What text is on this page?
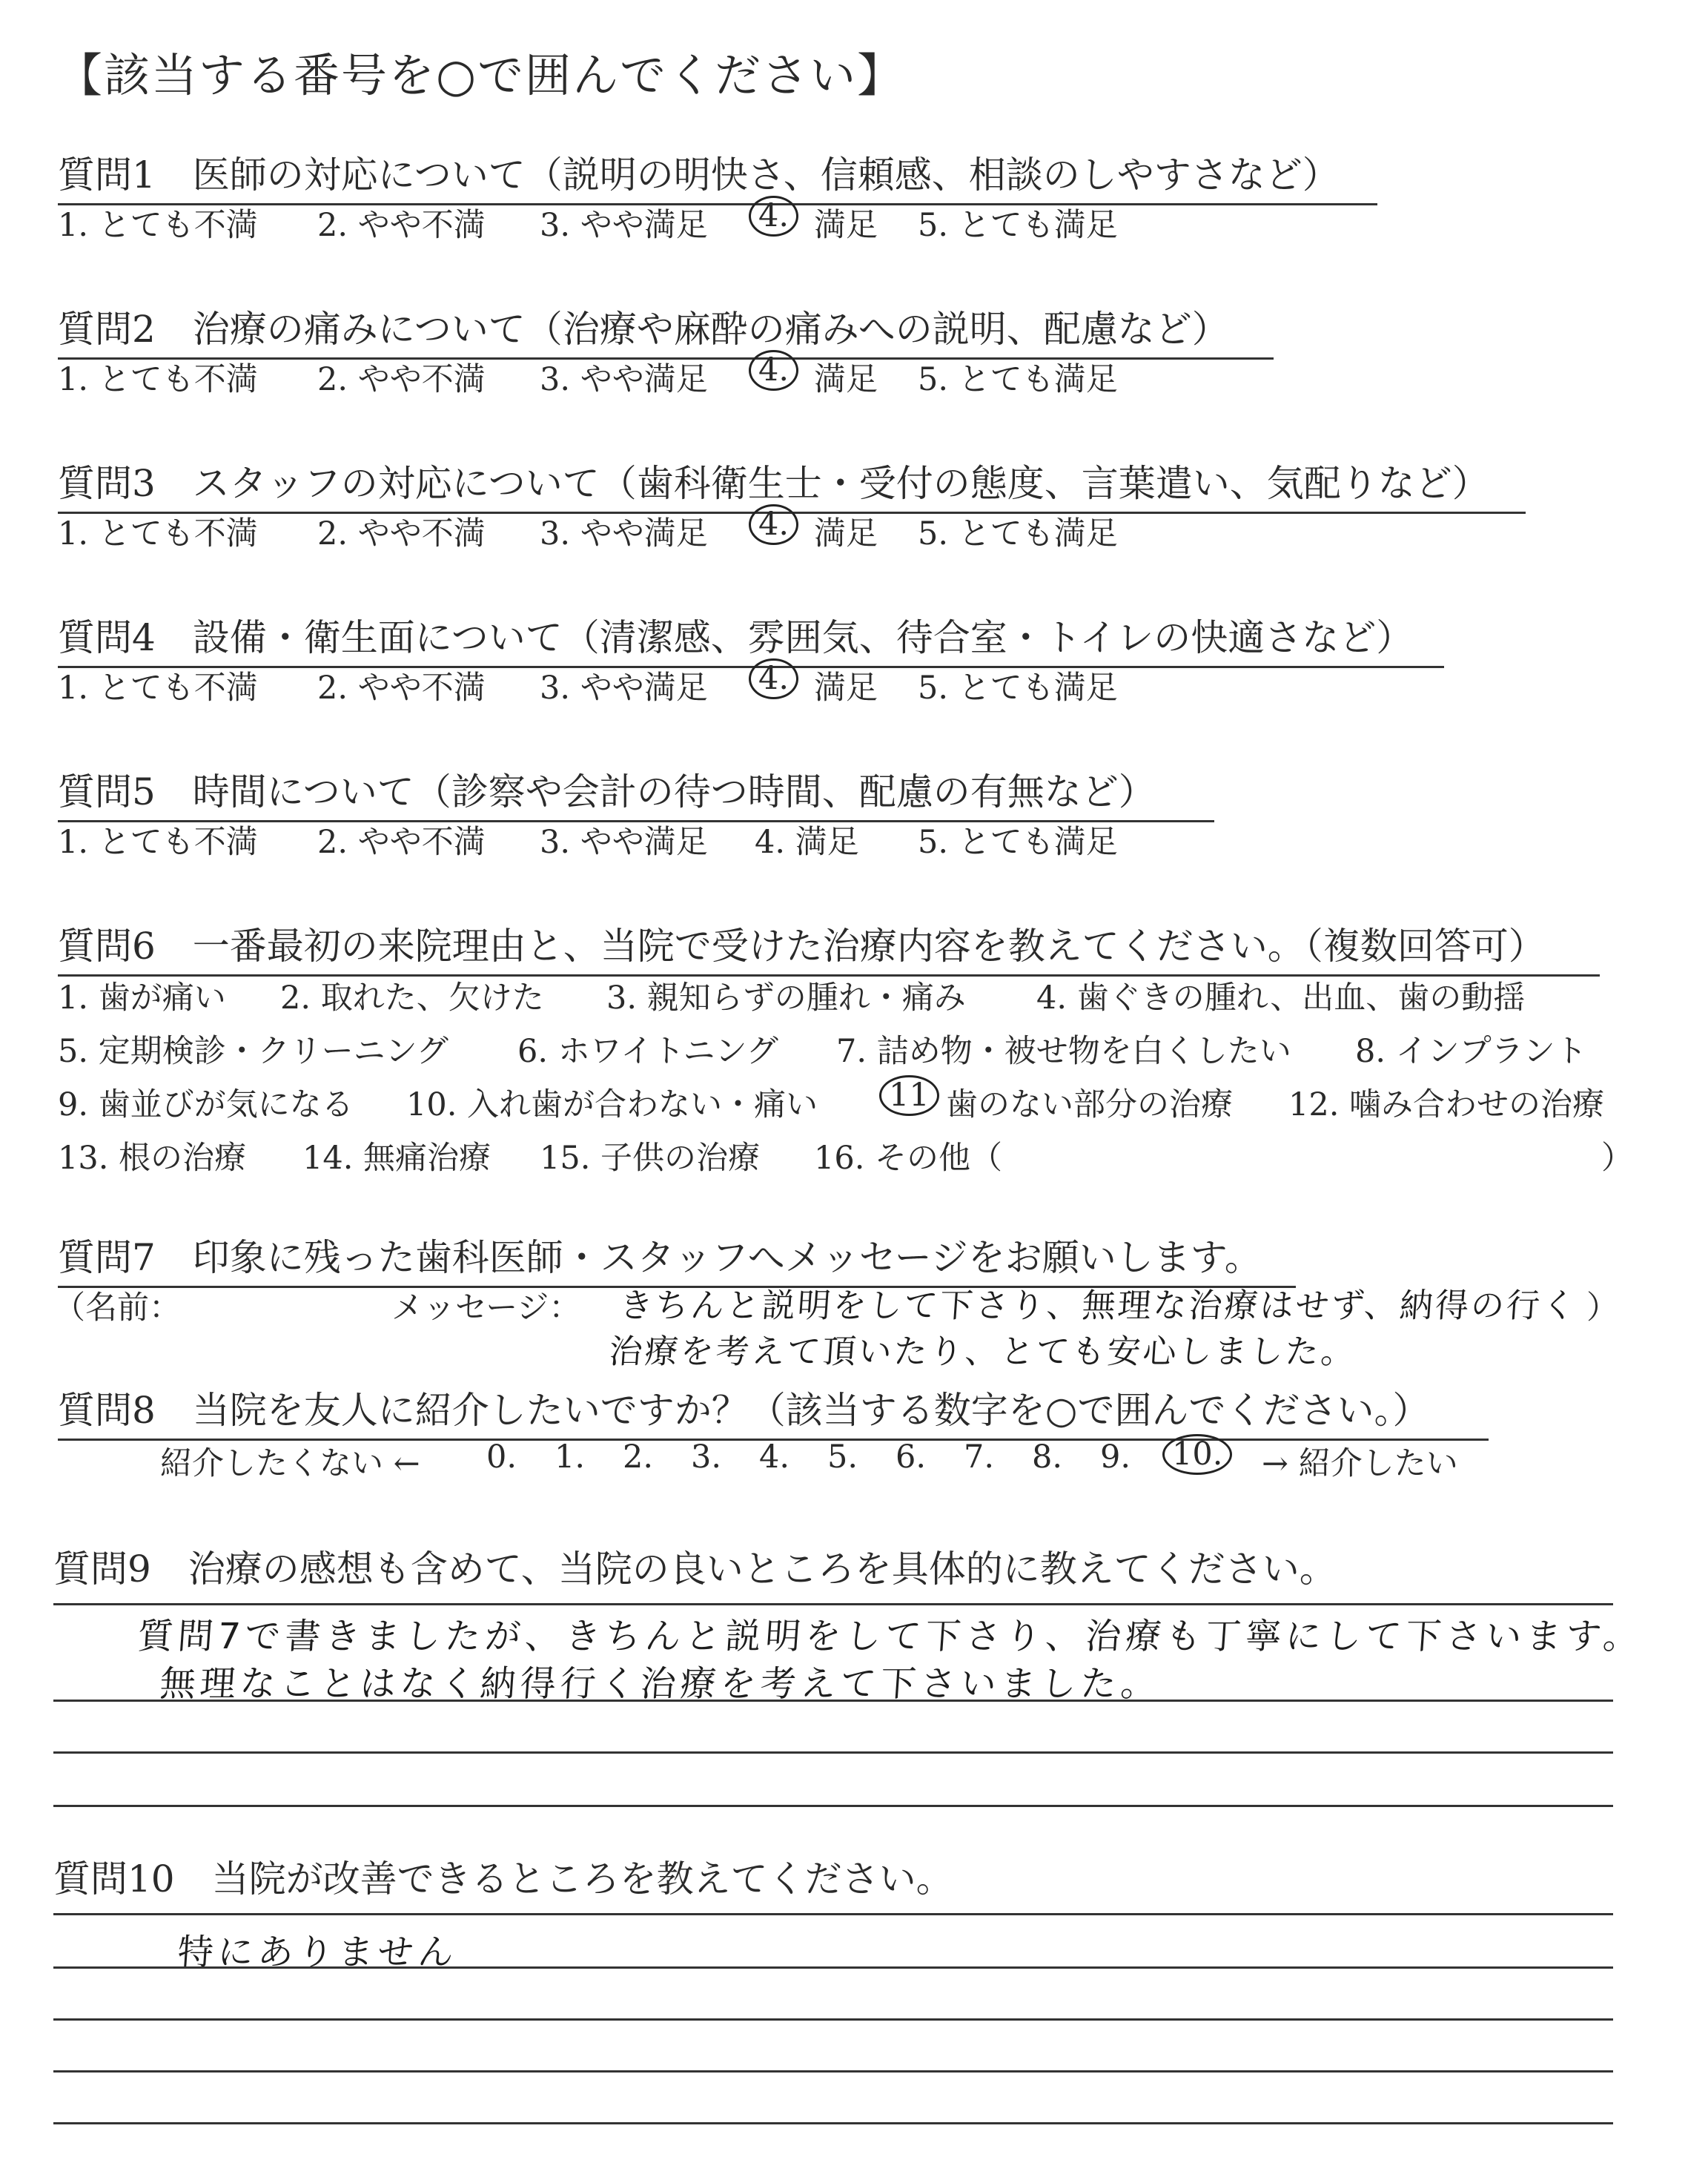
【該当する番号を○で囲んでください】
質問1　医師の対応について（説明の明快さ、信頼感、相談のしやすさなど）
1. とても不満 2. やや不満 3. やや満足	4. 満足 5. とても満足
質問2　治療の痛みについて（治療や麻酔の痛みへの説明、配慮など）
1. とても不満 2. やや不満 3. やや満足	4. 満足 5. とても満足
質問3　スタッフの対応について（歯科衛生士・受付の態度、言葉遣い、気配りなど）
1. とても不満 2. やや不満 3. やや満足	4. 満足 5. とても満足
質問4　設備・衛生面について（清潔感、雰囲気、待合室・トイレの快適さなど）
1. とても不満 2. やや不満 3. やや満足	4. 満足 5. とても満足
質問5　時間について（診察や会計の待つ時間、配慮の有無など）
1. とても不満 2. やや不満 3. やや満足 4. 満足 5. とても満足
質問6　一番最初の来院理由と、当院で受けた治療内容を教えてください。（複数回答可）
1. 歯が痛い 2. 取れた、欠けた 3. 親知らずの腫れ・痛み 4. 歯ぐきの腫れ、出血、歯の動揺
5. 定期検診・クリーニング 6. ホワイトニング 7. 詰め物・被せ物を白くしたい 8. インプラント
9. 歯並びが気になる 10. 入れ歯が合わない・痛い	11 歯のない部分の治療 12. 噛み合わせの治療
13. 根の治療 14. 無痛治療 15. 子供の治療 16. その他（	）
質問7　印象に残った歯科医師・スタッフへメッセージをお願いします。
（名前：	メッセージ： きちんと説明をして下さり、無理な治療はせず、納得の行く ）
治療を考えて頂いたり、とても安心しました。
質問8　当院を友人に紹介したいですか？（該当する数字を○で囲んでください。）
紹介したくない ← 0. 1. 2. 3. 4. 5. 6. 7. 8. 9.	10.	→ 紹介したい
質問9　治療の感想も含めて、当院の良いところを具体的に教えてください。
質問7で書きましたが、きちんと説明をして下さり、治療も丁寧にして下さいます。
無理なことはなく納得行く治療を考えて下さいました。
質問10　当院が改善できるところを教えてください。
特にありません
